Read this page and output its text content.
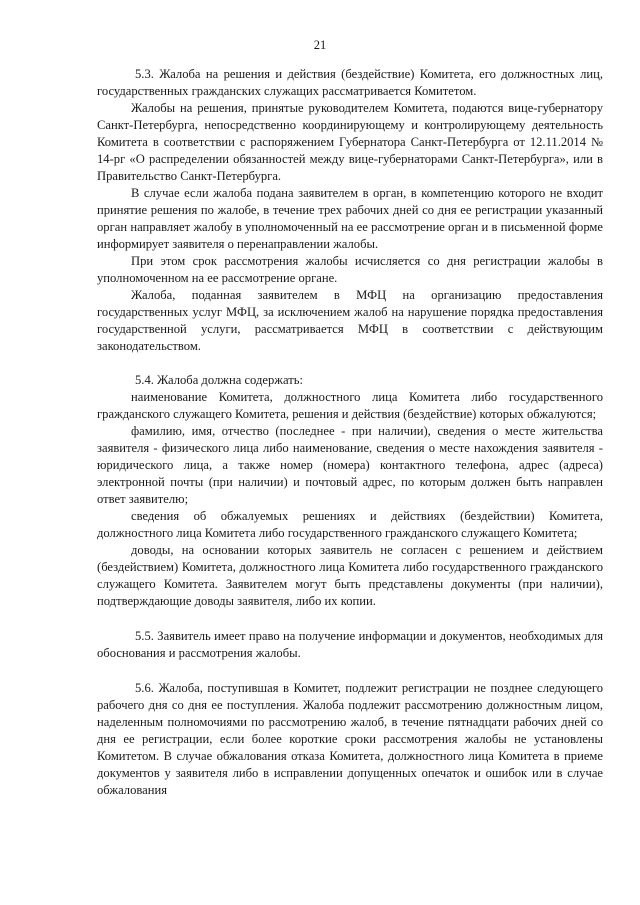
21

5.3. Жалоба на решения и действия (бездействие) Комитета, его должностных лиц, государственных гражданских служащих рассматривается Комитетом.

Жалобы на решения, принятые руководителем Комитета, подаются вице-губернатору Санкт-Петербурга, непосредственно координирующему и контролирующему деятельность Комитета в соответствии с распоряжением Губернатора Санкт-Петербурга от 12.11.2014 № 14-рг «О распределении обязанностей между вице-губернаторами Санкт-Петербурга», или в Правительство Санкт-Петербурга.

В случае если жалоба подана заявителем в орган, в компетенцию которого не входит принятие решения по жалобе, в течение трех рабочих дней со дня ее регистрации указанный орган направляет жалобу в уполномоченный на ее рассмотрение орган и в письменной форме информирует заявителя о перенаправлении жалобы.

При этом срок рассмотрения жалобы исчисляется со дня регистрации жалобы в уполномоченном на ее рассмотрение органе.

Жалоба, поданная заявителем в МФЦ на организацию предоставления государственных услуг МФЦ, за исключением жалоб на нарушение порядка предоставления государственной услуги, рассматривается МФЦ в соответствии с действующим законодательством.

5.4. Жалоба должна содержать:

наименование Комитета, должностного лица Комитета либо государственного гражданского служащего Комитета, решения и действия (бездействие) которых обжалуются;

фамилию, имя, отчество (последнее - при наличии), сведения о месте жительства заявителя - физического лица либо наименование, сведения о месте нахождения заявителя - юридического лица, а также номер (номера) контактного телефона, адрес (адреса) электронной почты (при наличии) и почтовый адрес, по которым должен быть направлен ответ заявителю;

сведения об обжалуемых решениях и действиях (бездействии) Комитета, должностного лица Комитета либо государственного гражданского служащего Комитета;

доводы, на основании которых заявитель не согласен с решением и действием (бездействием) Комитета, должностного лица Комитета либо государственного гражданского служащего Комитета. Заявителем могут быть представлены документы (при наличии), подтверждающие доводы заявителя, либо их копии.

5.5. Заявитель имеет право на получение информации и документов, необходимых для обоснования и рассмотрения жалобы.

5.6. Жалоба, поступившая в Комитет, подлежит регистрации не позднее следующего рабочего дня со дня ее поступления. Жалоба подлежит рассмотрению должностным лицом, наделенным полномочиями по рассмотрению жалоб, в течение пятнадцати рабочих дней со дня ее регистрации, если более короткие сроки рассмотрения жалобы не установлены Комитетом. В случае обжалования отказа Комитета, должностного лица Комитета в приеме документов у заявителя либо в исправлении допущенных опечаток и ошибок или в случае обжалования
